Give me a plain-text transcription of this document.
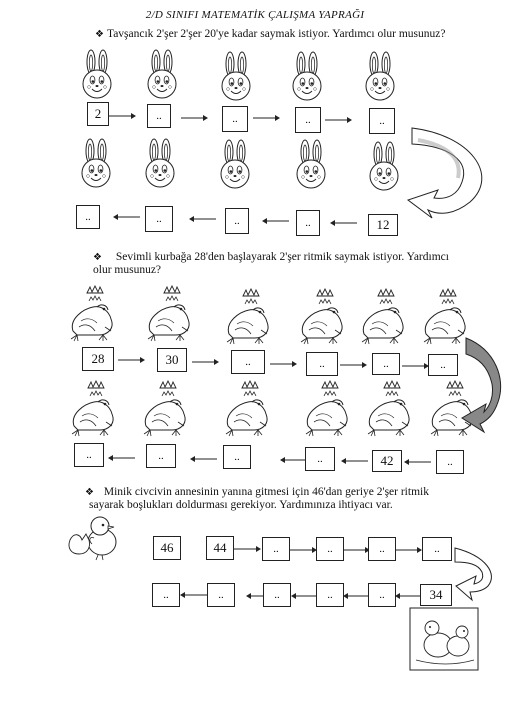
2/D SINIFI MATEMATİK ÇALIŞMA YAPRAĞI
❖ Tavşancık 2'şer 2'şer 20'ye kadar saymak istiyor. Yardımcı olur musunuz?
❖ Sevimli kurbağa 28'den başlayarak 2'şer ritmik saymak istiyor. Yardımcı
olur musunuz?
❖ Minik civcivin annesinin yanına gitmesi için 46'dan geriye 2'şer ritmik
sayarak boşlukları doldurması gerekiyor. Yardımınıza ihtiyacı var.
2	..	..	..	..
..	..	..	..	12
28	30	..	..	..	..
..	..	..	..	42	..
46	44	..	..	..	..
..	..	..	..	..	34
